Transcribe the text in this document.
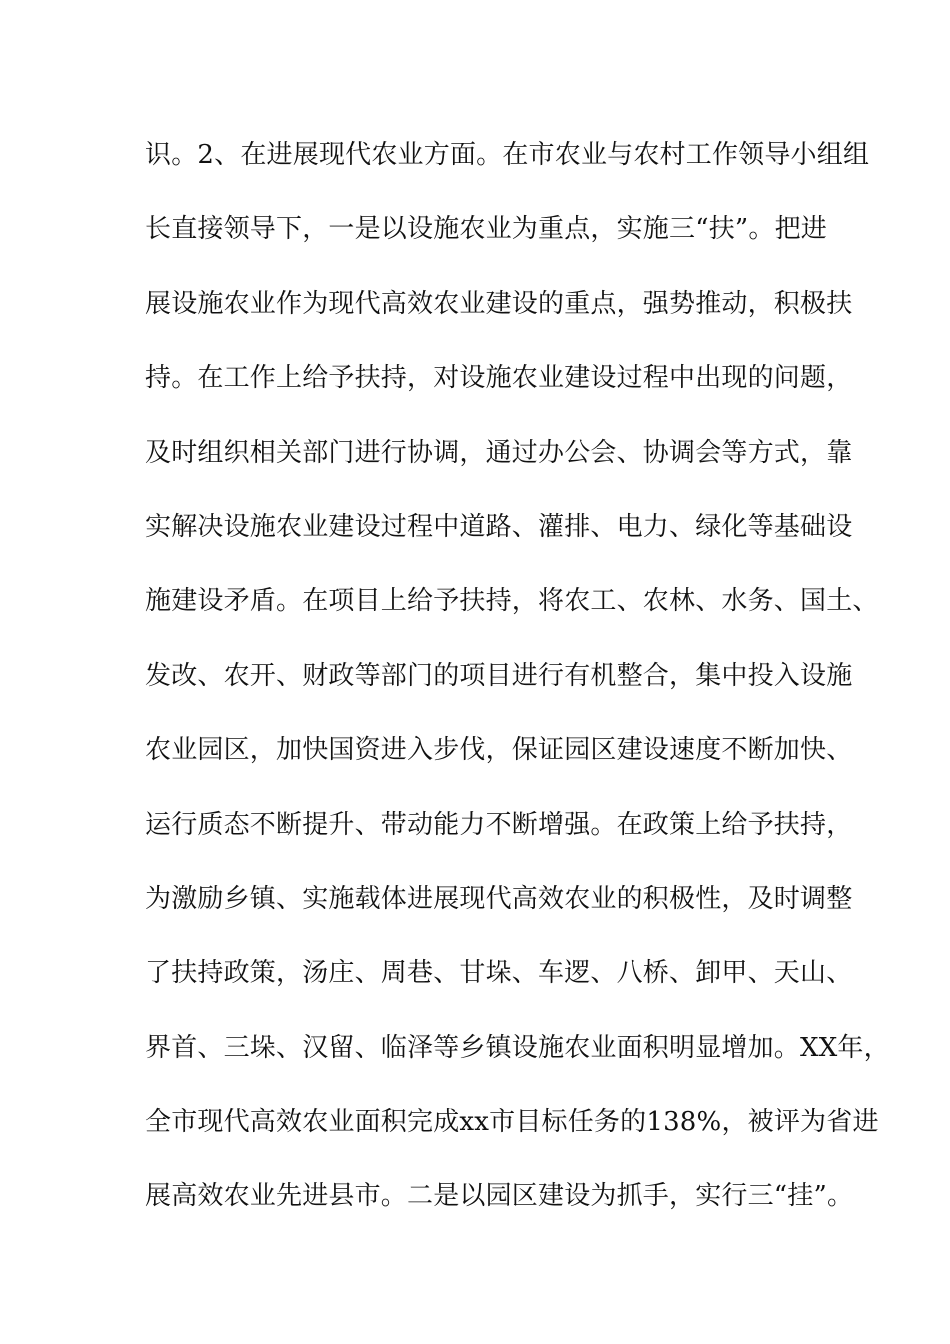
识。2、在进展现代农业方面。在市农业与农村工作领导小组组
长直接领导下，一是以设施农业为重点，实施三“扶”。把进
展设施农业作为现代高效农业建设的重点，强势推动，积极扶
持。在工作上给予扶持，对设施农业建设过程中出现的问题，
及时组织相关部门进行协调，通过办公会、协调会等方式，靠
实解决设施农业建设过程中道路、灌排、电力、绿化等基础设
施建设矛盾。在项目上给予扶持，将农工、农林、水务、国土、
发改、农开、财政等部门的项目进行有机整合，集中投入设施
农业园区，加快国资进入步伐，保证园区建设速度不断加快、
运行质态不断提升、带动能力不断增强。在政策上给予扶持，
为激励乡镇、实施载体进展现代高效农业的积极性，及时调整
了扶持政策，汤庄、周巷、甘垛、车逻、八桥、卸甲、天山、
界首、三垛、汉留、临泽等乡镇设施农业面积明显增加。XX年，
全市现代高效农业面积完成xx市目标任务的138%，被评为省进
展高效农业先进县市。二是以园区建设为抓手，实行三“挂”。
